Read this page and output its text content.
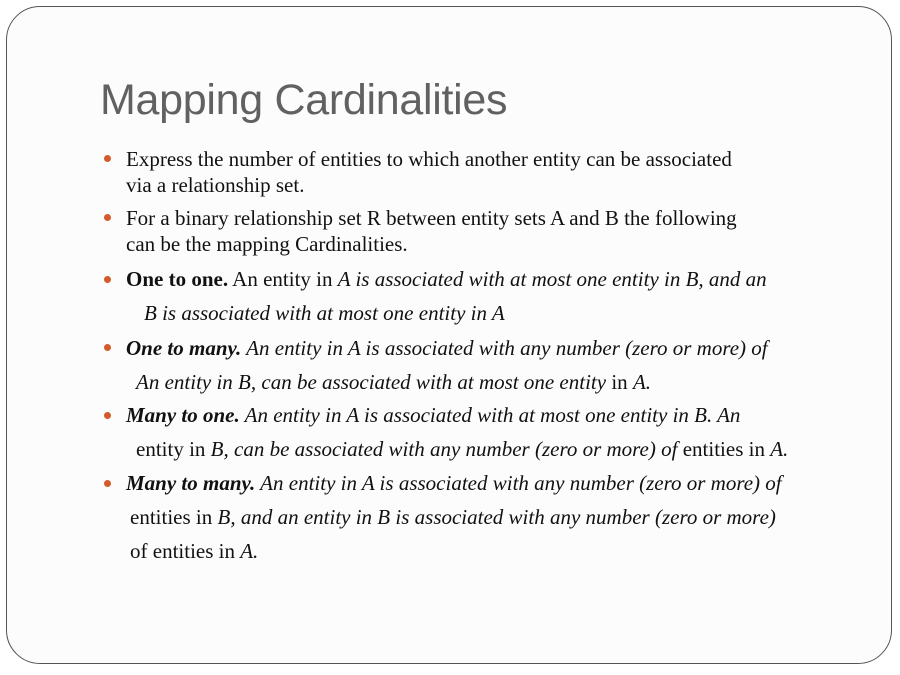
Mapping Cardinalities
Express the number of entities to which another entity can be associated
via a relationship set.
For a binary relationship set R between entity sets A and B the following
can be the mapping Cardinalities.
One to one. An entity in A is associated with at most one entity in B, and an
B is associated with at most one entity in A
One to many. An entity in A is associated with any number (zero or more) of
An entity in B, can be associated with at most one entity in A.
Many to one. An entity in A is associated with at most one entity in B. An
entity in B, can be associated with any number (zero or more) of entities in A.
Many to many. An entity in A is associated with any number (zero or more) of
entities in B, and an entity in B is associated with any number (zero or more)
of entities in A.
